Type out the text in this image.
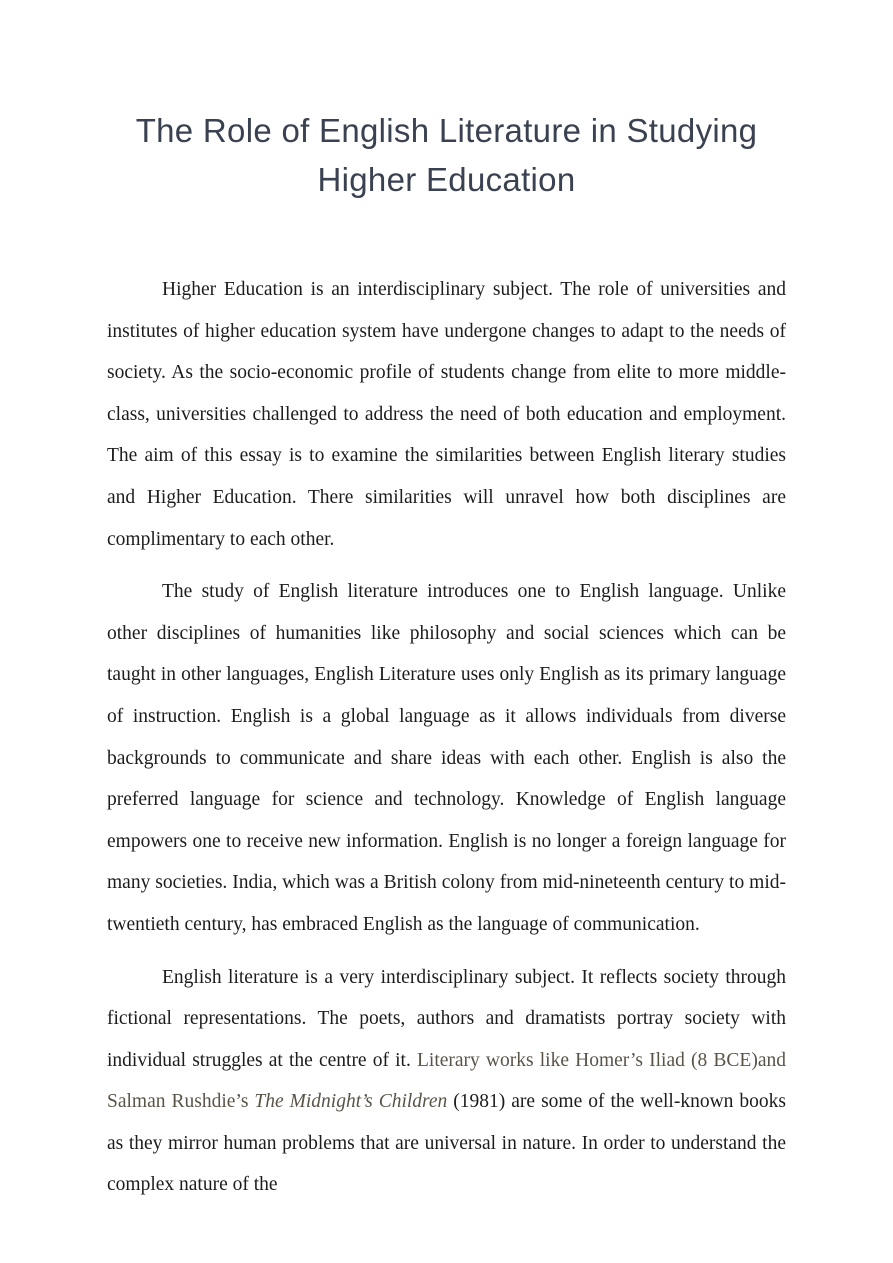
The Role of English Literature in Studying Higher Education

Higher Education is an interdisciplinary subject. The role of universities and institutes of higher education system have undergone changes to adapt to the needs of society. As the socio-economic profile of students change from elite to more middle-class, universities challenged to address the need of both education and employment. The aim of this essay is to examine the similarities between English literary studies and Higher Education. There similarities will unravel how both disciplines are complimentary to each other.

The study of English literature introduces one to English language. Unlike other disciplines of humanities like philosophy and social sciences which can be taught in other languages, English Literature uses only English as its primary language of instruction. English is a global language as it allows individuals from diverse backgrounds to communicate and share ideas with each other. English is also the preferred language for science and technology. Knowledge of English language empowers one to receive new information. English is no longer a foreign language for many societies. India, which was a British colony from mid-nineteenth century to mid-twentieth century, has embraced English as the language of communication.

English literature is a very interdisciplinary subject. It reflects society through fictional representations. The poets, authors and dramatists portray society with individual struggles at the centre of it. Literary works like Homer’s Iliad (8 BCE)and Salman Rushdie’s The Midnight’s Children (1981) are some of the well-known books as they mirror human problems that are universal in nature. In order to understand the complex nature of the
